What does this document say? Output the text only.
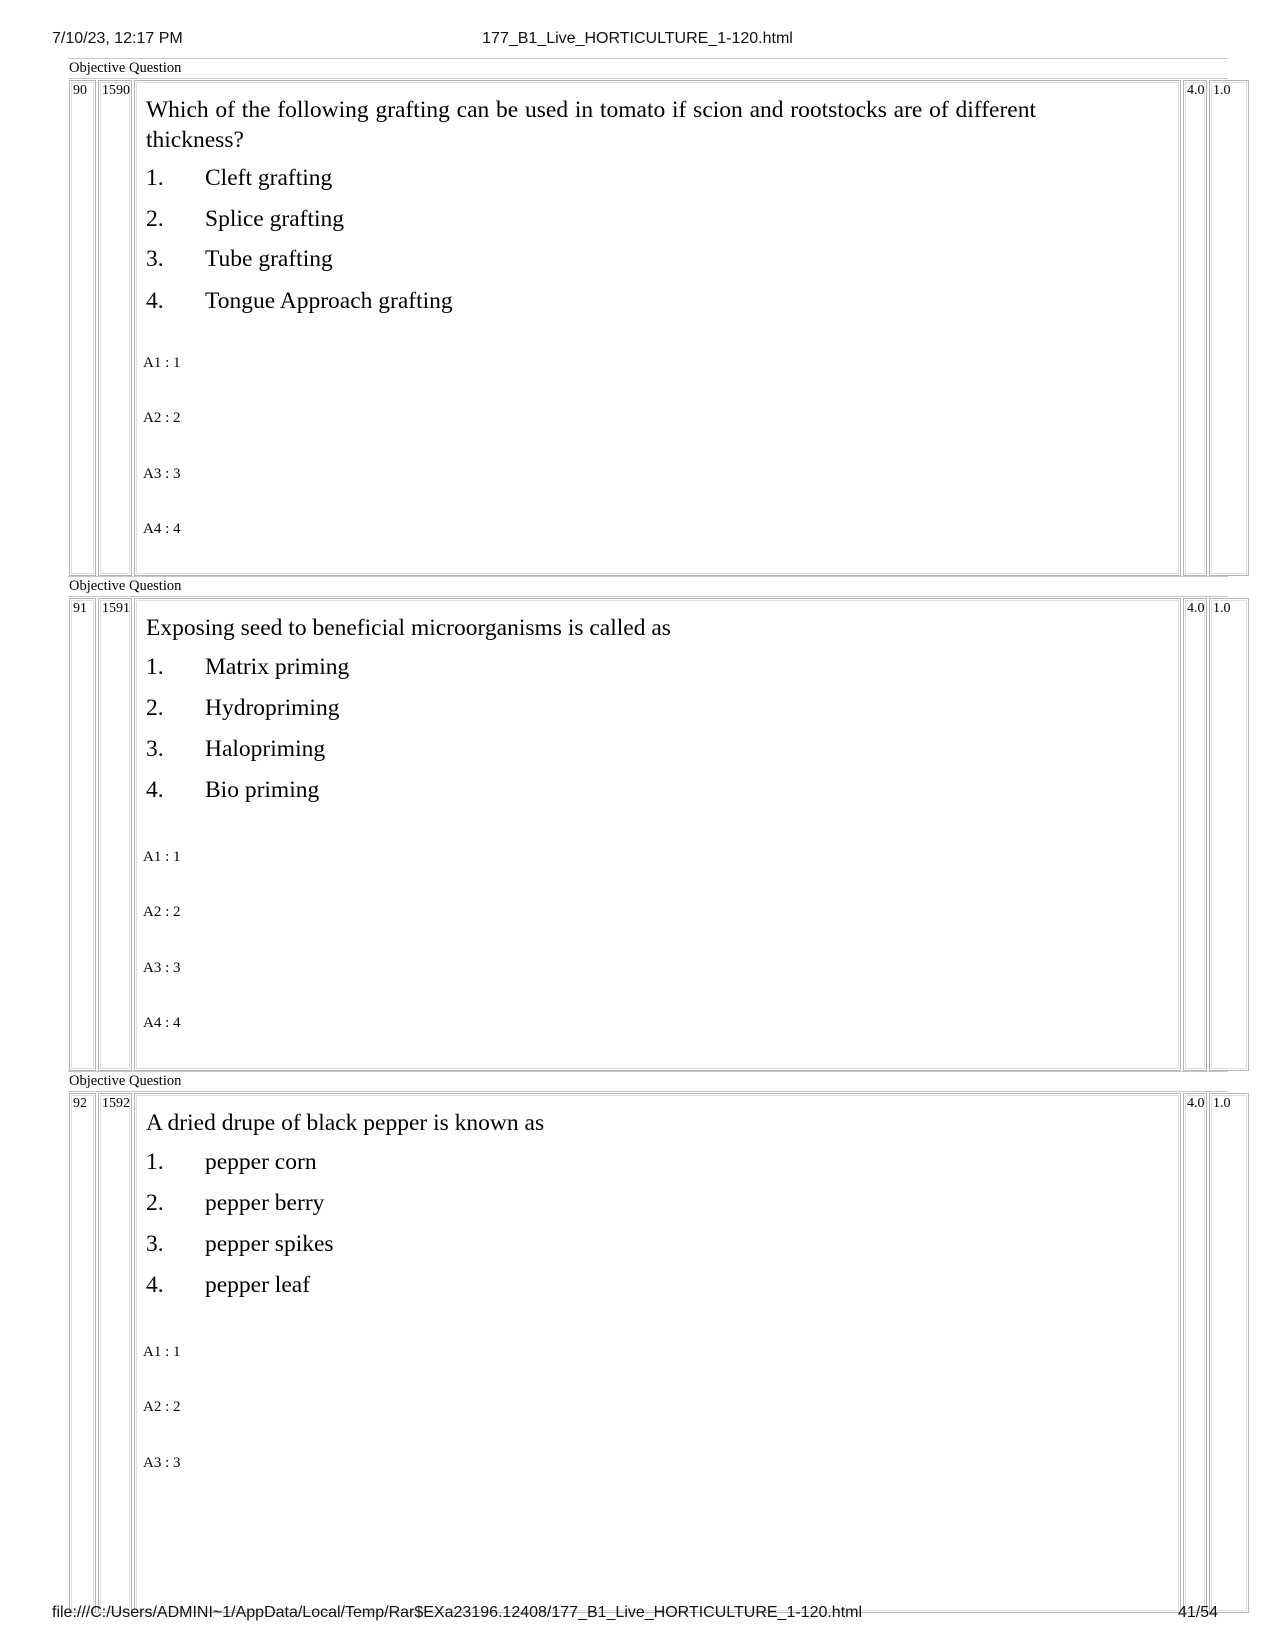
7/10/23, 12:17 PM	177_B1_Live_HORTICULTURE_1-120.html
Objective Question
90 1590
Which of the following grafting can be used in tomato if scion and rootstocks are of different thickness?
1. Cleft grafting
2. Splice grafting
3. Tube grafting
4. Tongue Approach grafting
A1 : 1
A2 : 2
A3 : 3
A4 : 4
4.0 1.0
Objective Question
91 1591
Exposing seed to beneficial microorganisms is called as
1. Matrix priming
2. Hydropriming
3. Halopriming
4. Bio priming
A1 : 1
A2 : 2
A3 : 3
A4 : 4
4.0 1.0
Objective Question
92 1592
A dried drupe of black pepper is known as
1. pepper corn
2. pepper berry
3. pepper spikes
4. pepper leaf
A1 : 1
A2 : 2
A3 : 3
4.0 1.0
file:///C:/Users/ADMINI~1/AppData/Local/Temp/Rar$EXa23196.12408/177_B1_Live_HORTICULTURE_1-120.html	41/54
